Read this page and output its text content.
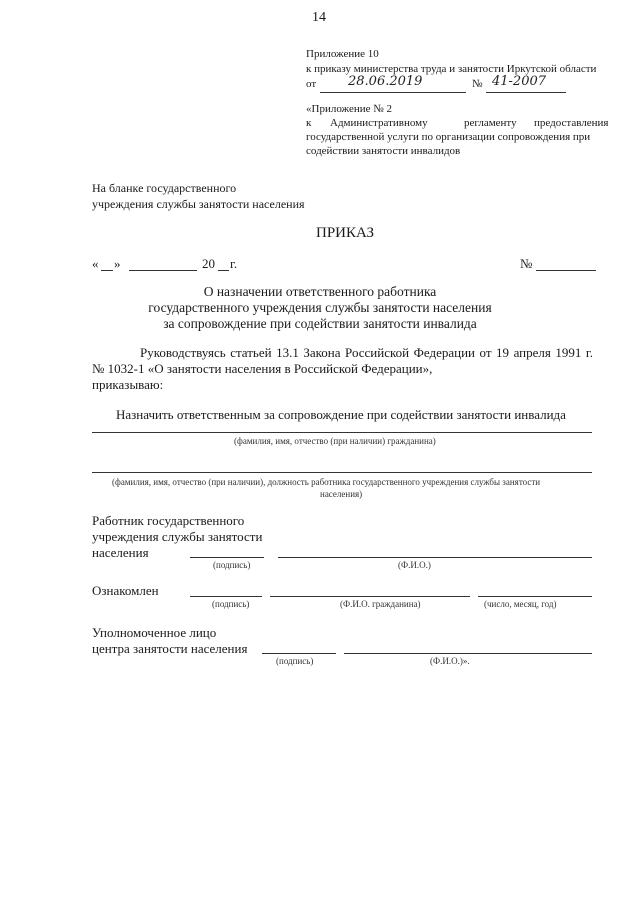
14
Приложение 10
к приказу министерства труда и занятости Иркутской области
от 28.06.2019	№ 41-2007
«Приложение № 2
к Административному	регламенту предоставления
государственной услуги по организации сопровождения при
содействии занятости инвалидов
На бланке государственного
учреждения службы занятости населения
ПРИКАЗ
« »	20 г.	№
О назначении ответственного работника
государственного учреждения службы занятости населения
за сопровождение при содействии занятости инвалида
Руководствуясь статьей 13.1 Закона Российской Федерации от 19 апреля 1991 г.
№ 1032-1 «О занятости населения в Российской Федерации»,
приказываю:
Назначить ответственным за сопровождение при содействии занятости инвалида
(фамилия, имя, отчество (при наличии) гражданина)
(фамилия, имя, отчество (при наличии), должность работника государственного учреждения службы занятости
населения)
Работник государственного
учреждения службы занятости
населения
(подпись)	(Ф.И.О.)
Ознакомлен
(подпись)	(Ф.И.О. гражданина)	(число, месяц, год)
Уполномоченное лицо
центра занятости населения
(подпись)	(Ф.И.О.)».
